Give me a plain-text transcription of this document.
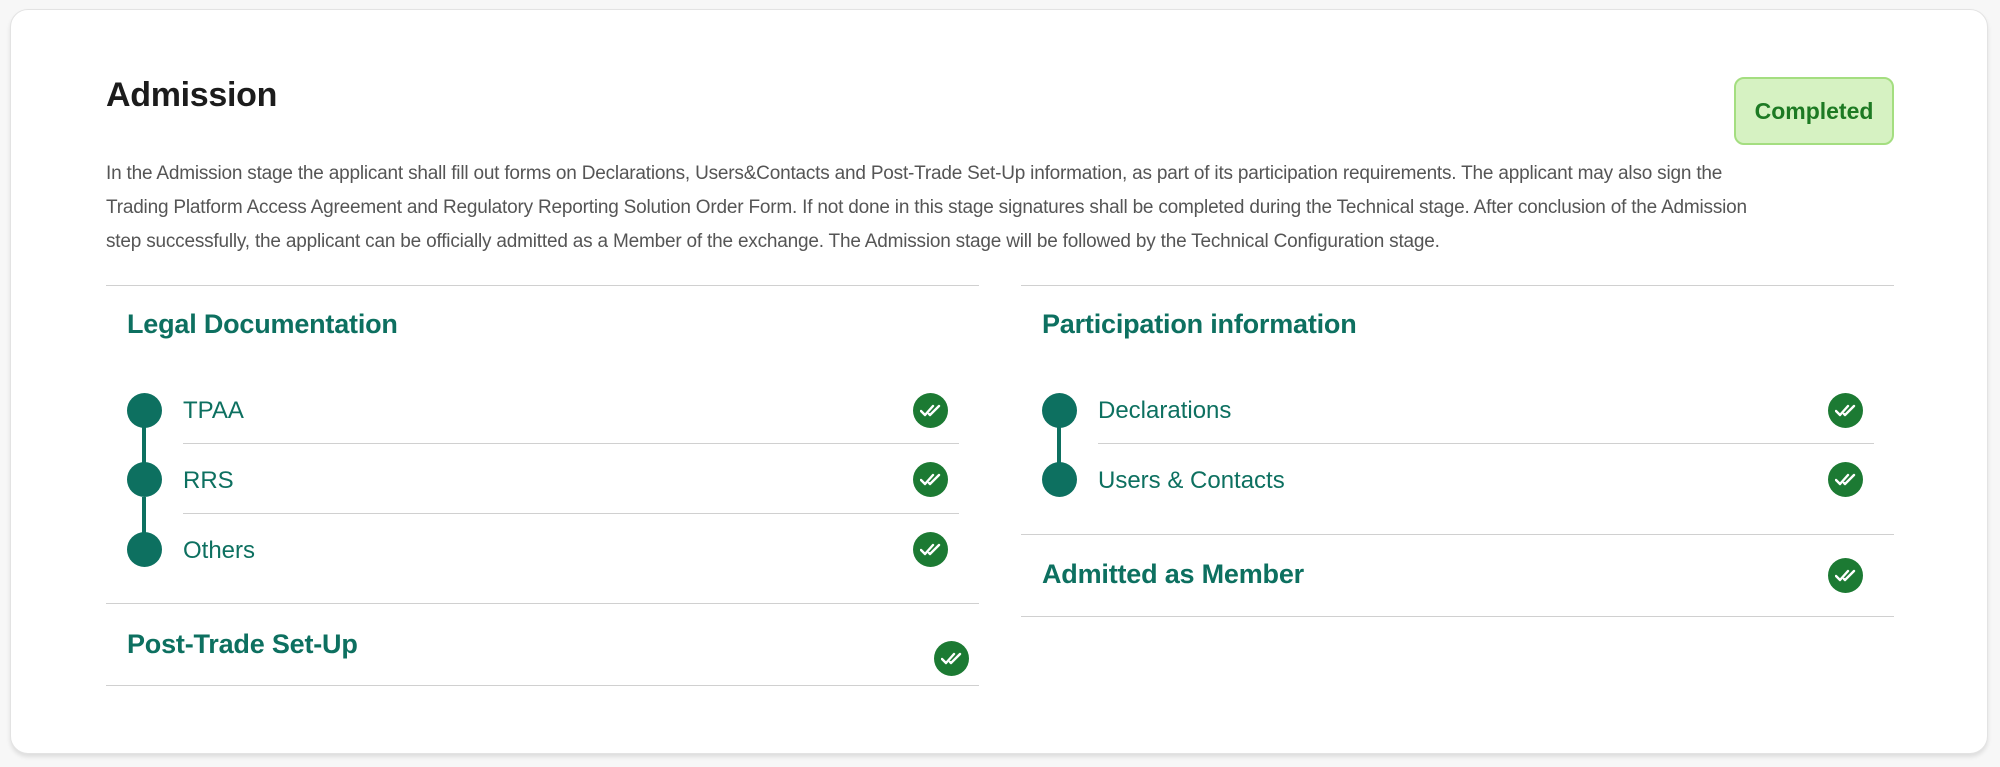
Admission	Completed
In the Admission stage the applicant shall fill out forms on Declarations, Users&Contacts and Post-Trade Set-Up information, as part of its participation requirements. The applicant may also sign the Trading Platform Access Agreement and Regulatory Reporting Solution Order Form. If not done in this stage signatures shall be completed during the Technical stage. After conclusion of the Admission step successfully, the applicant can be officially admitted as a Member of the exchange. The Admission stage will be followed by the Technical Configuration stage.
Legal Documentation
TPAA
RRS
Others
Post-Trade Set-Up
Participation information
Declarations
Users & Contacts
Admitted as Member
